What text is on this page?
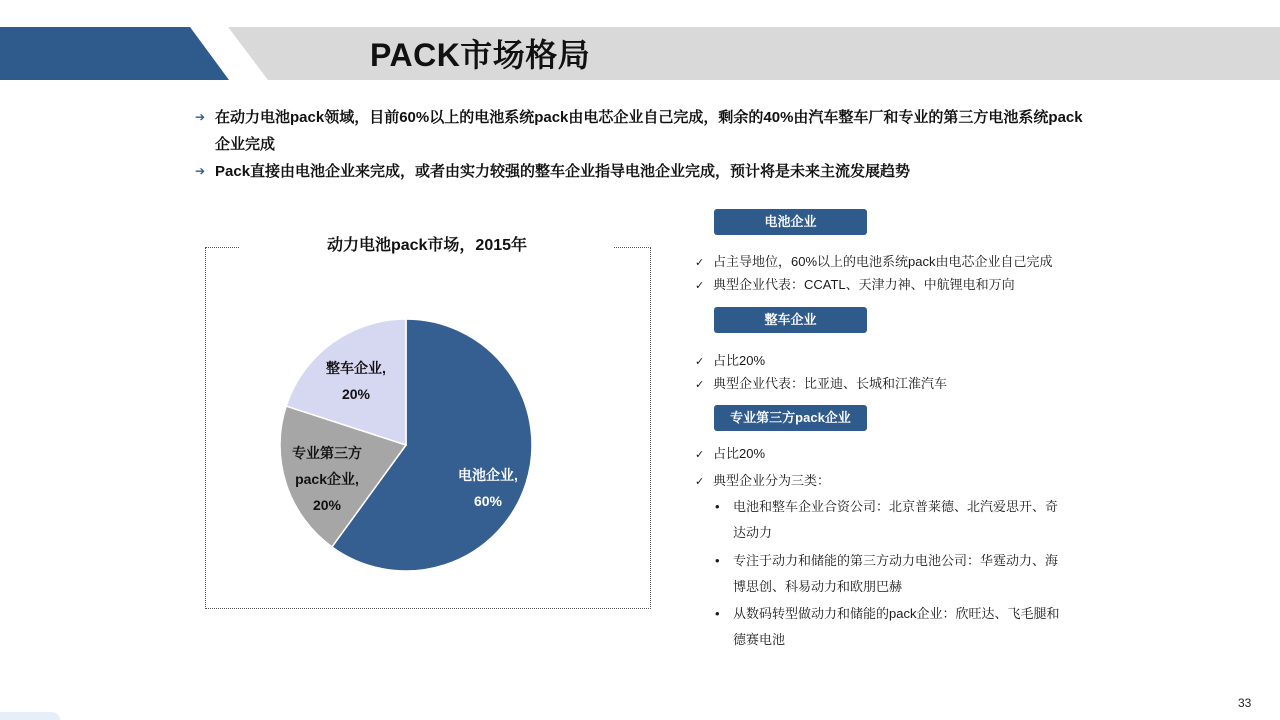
PACK市场格局
➔ 在动力电池pack领域，目前60%以上的电池系统pack由电芯企业自己完成，剩余的40%由汽车整车厂和专业的第三方电池系统pack企业完成
➔ Pack直接由电池企业来完成，或者由实力较强的整车企业指导电池企业完成，预计将是未来主流发展趋势
动力电池pack市场，2015年
电池企业,
60%
专业第三方
pack企业,
20%
整车企业,
20%
电池企业
✓ 占主导地位，60%以上的电池系统pack由电芯企业自己完成
✓ 典型企业代表：CCATL、天津力神、中航锂电和万向
整车企业
✓ 占比20%
✓ 典型企业代表：比亚迪、长城和江淮汽车
专业第三方pack企业
✓ 占比20%
✓ 典型企业分为三类：
•	电池和整车企业合资公司：北京普莱德、北汽爱思开、奇达动力
•	专注于动力和储能的第三方动力电池公司：华霆动力、海博思创、科易动力和欧朋巴赫
•	从数码转型做动力和储能的pack企业：欣旺达、飞毛腿和德赛电池
33
